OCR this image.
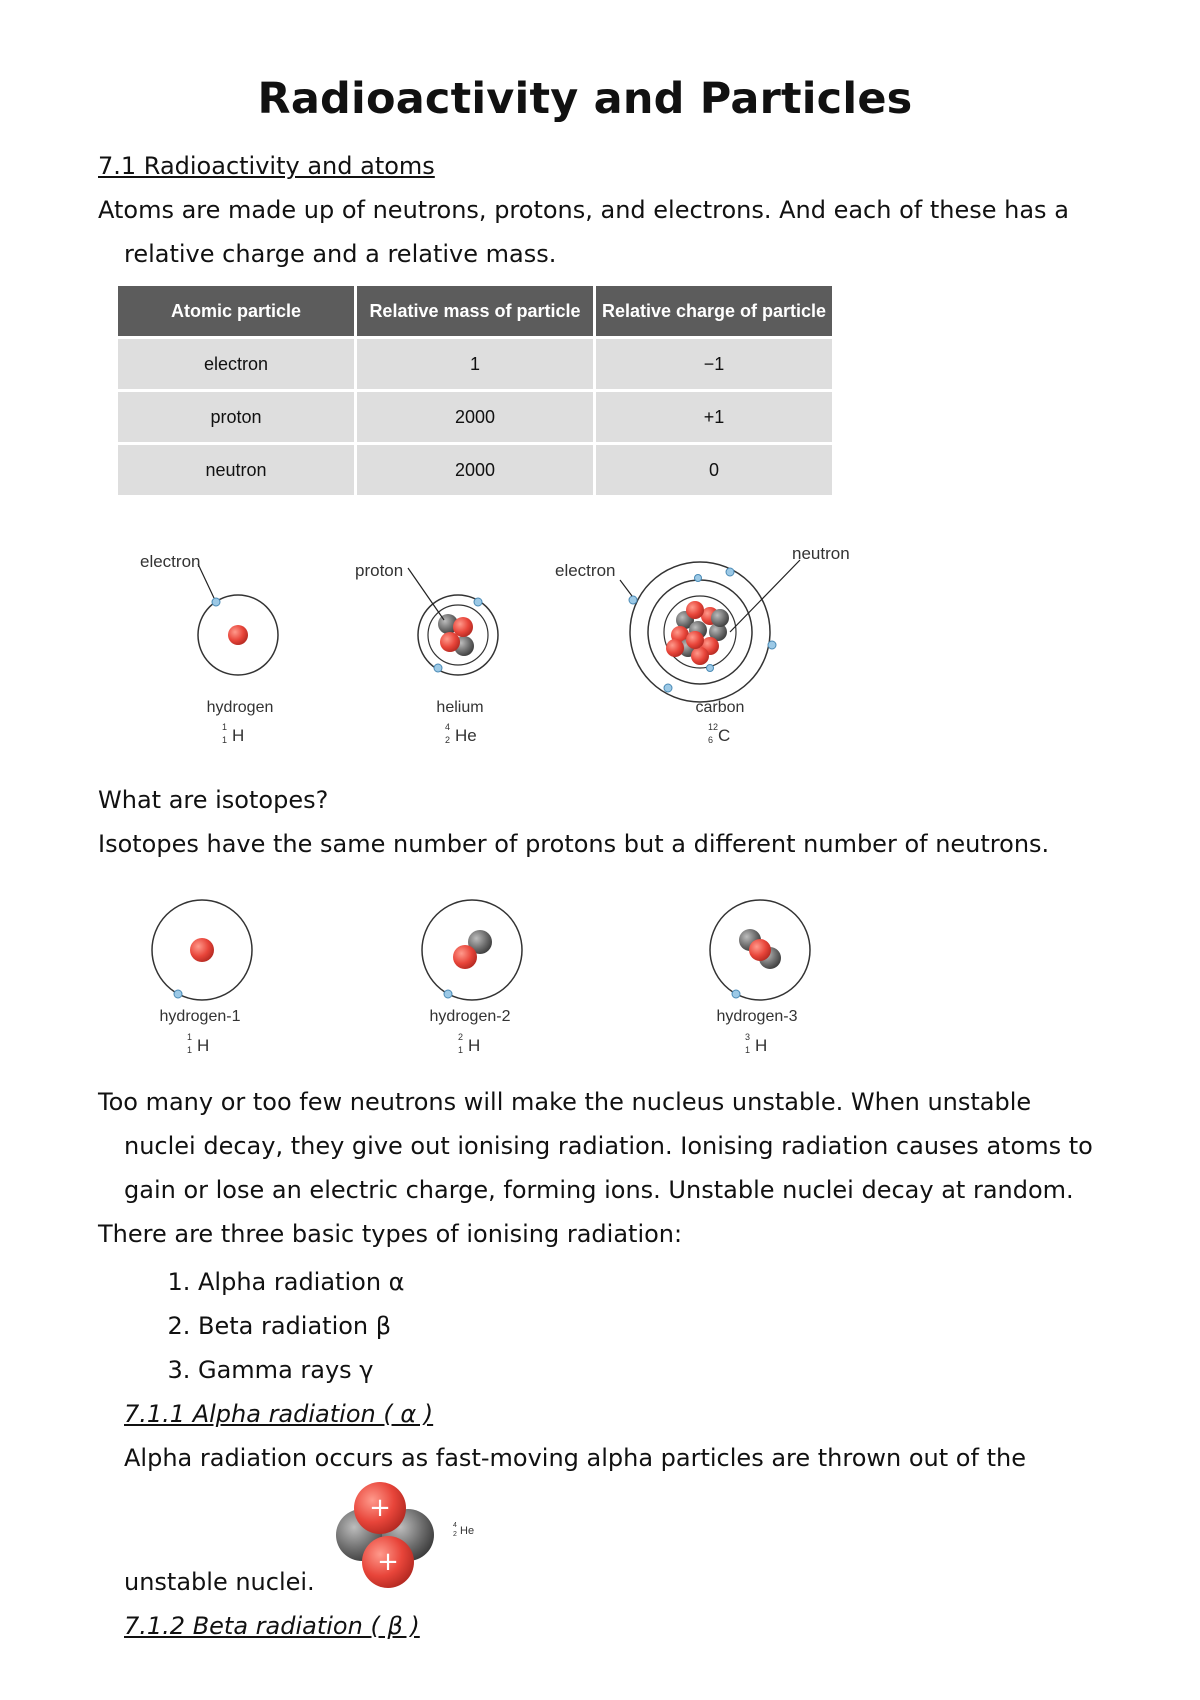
Radioactivity and Particles
7.1 Radioactivity and atoms
Atoms are made up of neutrons, protons, and electrons. And each of these has a
relative charge and a relative mass.
Atomic particle	Relative mass of particle	Relative charge of particle
electron	1	−1
proton	2000	+1
neutron	2000	0
electron	proton	electron
neutron
hydrogen	helium	carbon
1
1 H	4
2 He	12
6 C
What are isotopes?
Isotopes have the same number of protons but a different number of neutrons.
hydrogen-1	hydrogen-2	hydrogen-3
1
1 H	2
1 H	3
1 H
Too many or too few neutrons will make the nucleus unstable. When unstable
nuclei decay, they give out ionising radiation. Ionising radiation causes atoms to
gain or lose an electric charge, forming ions. Unstable nuclei decay at random.
There are three basic types of ionising radiation:
1. Alpha radiation α
2. Beta radiation β
3. Gamma rays γ
7.1.1 Alpha radiation ( α )
Alpha radiation occurs as fast-moving alpha particles are thrown out of the
+
+
4
2 He
unstable nuclei.
7.1.2 Beta radiation ( β )
